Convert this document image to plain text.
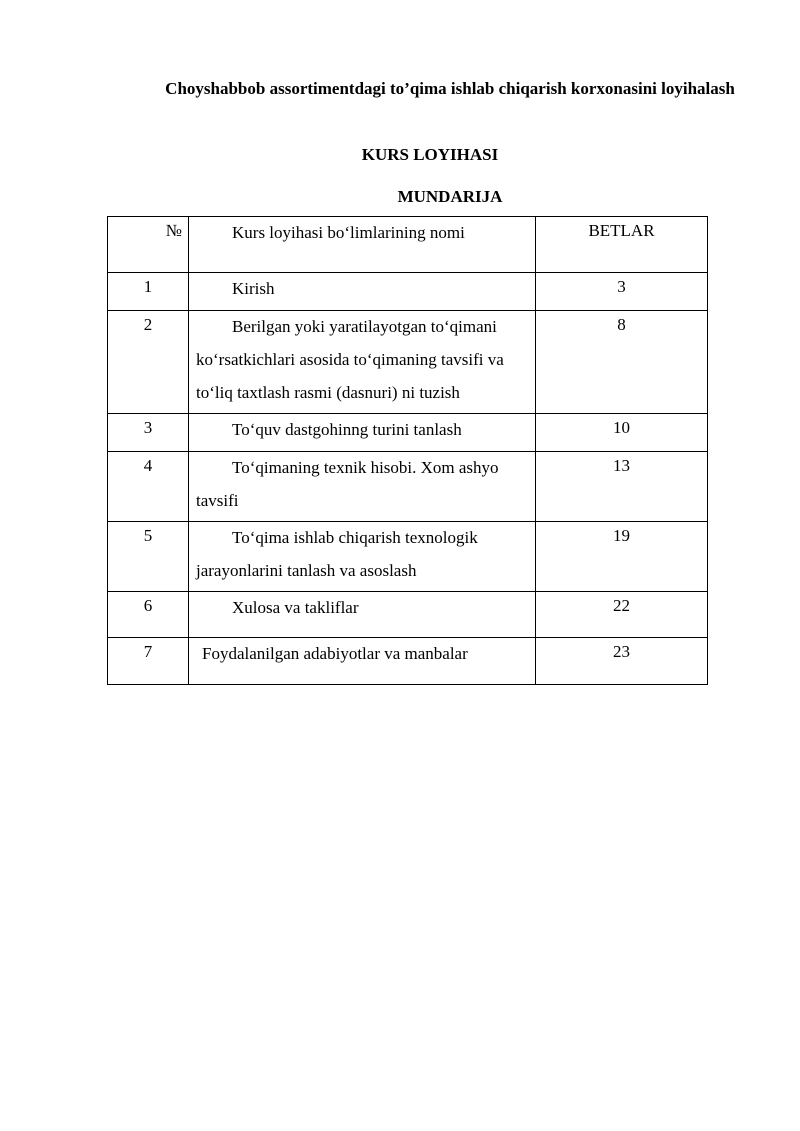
Choyshabbob assortimentdagi to’qima ishlab chiqarish korxonasini loyihalash
KURS LOYIHASI
MUNDARIJA
№	Kurs loyihasi bo‘limlarining nomi	BETLAR
1	Kirish	3
2	Berilgan yoki yaratilayotgan to‘qimani ko‘rsatkichlari asosida to‘qimaning tavsifi va to‘liq taxtlash rasmi (dasnuri) ni tuzish	8
3	To‘quv dastgohinng turini tanlash	10
4	To‘qimaning texnik hisobi. Xom ashyo tavsifi	13
5	To‘qima ishlab chiqarish texnologik jarayonlarini tanlash va asoslash	19
6	Xulosa va takliflar	22
7	Foydalanilgan adabiyotlar va manbalar	23
